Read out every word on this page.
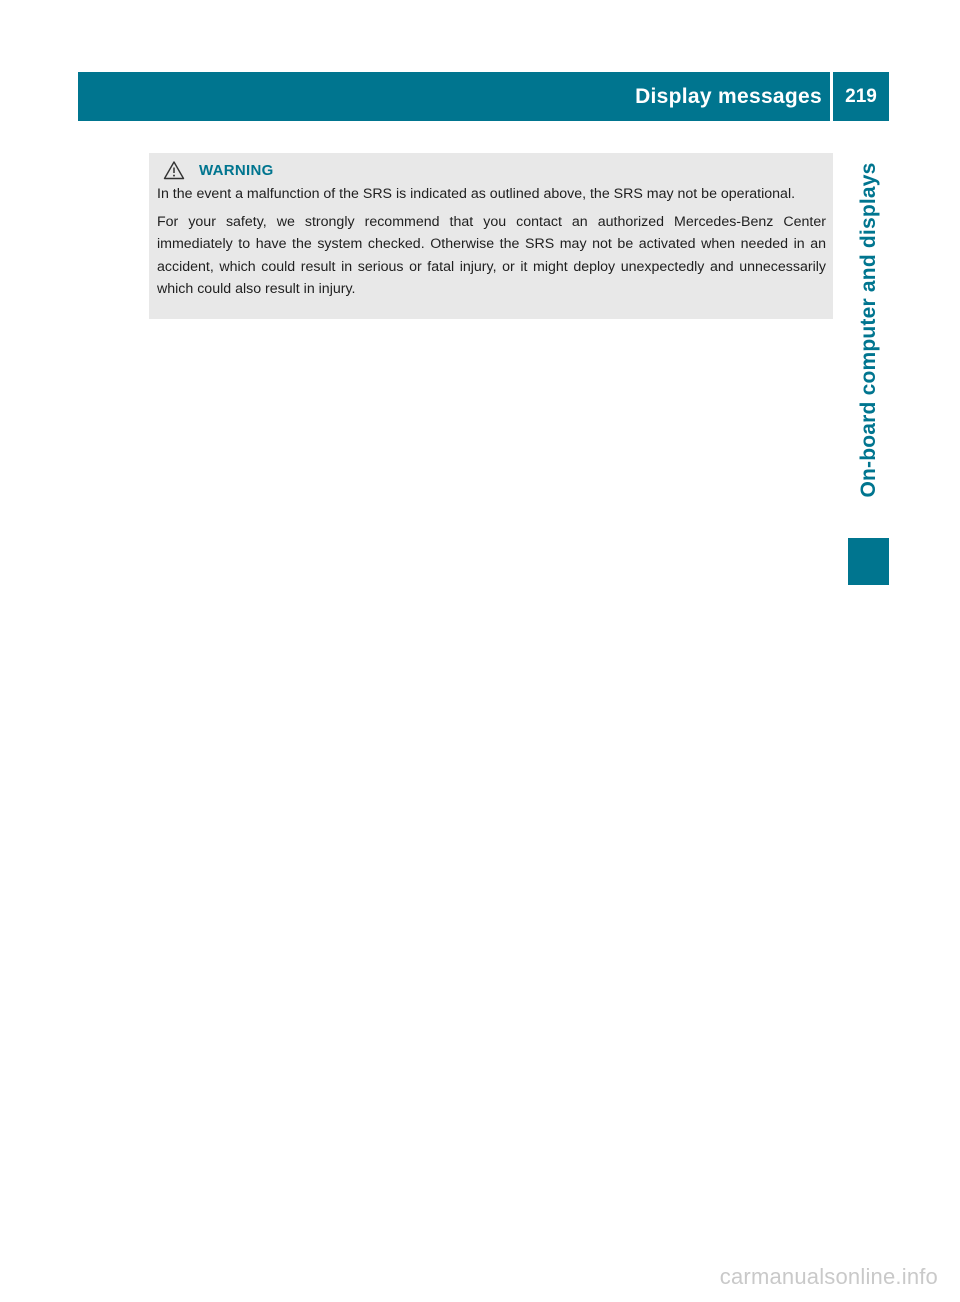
Display messages	219
On-board computer and displays
WARNING

In the event a malfunction of the SRS is indicated as outlined above, the SRS may not be operational.

For your safety, we strongly recommend that you contact an authorized Mercedes-Benz Center immediately to have the system checked. Otherwise the SRS may not be activated when needed in an accident, which could result in serious or fatal injury, or it might deploy unexpectedly and unnecessarily which could also result in injury.

carmanualsonline.info
